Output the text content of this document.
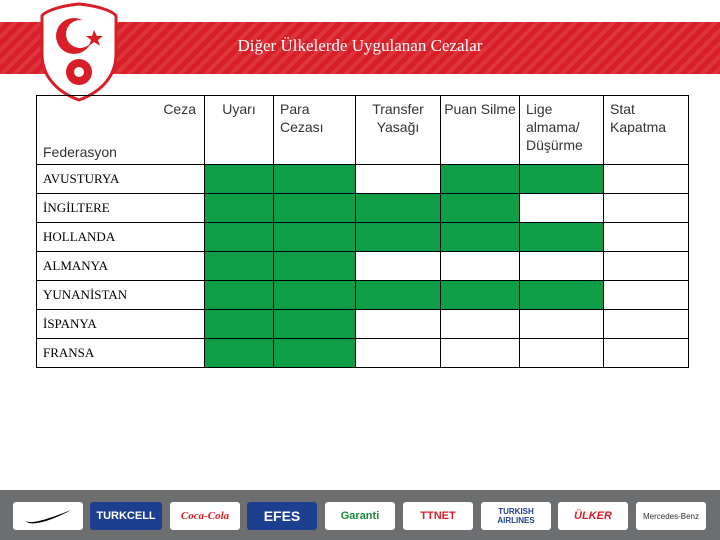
Diğer Ülkelerde Uygulanan Cezalar
Ceza
Federasyon	Uyarı	Para Cezası	Transfer Yasağı	Puan Silme	Lige almama/ Düşürme	Stat Kapatma
AVUSTURYA						
İNGİLTERE						
HOLLANDA						
ALMANYA						
YUNANİSTAN						
İSPANYA						
FRANSA						
TURKCELL	Coca-Cola	EFES	Garanti	TTNET	TURKISH AIRLINES	ÜLKER	Mercedes-Benz
